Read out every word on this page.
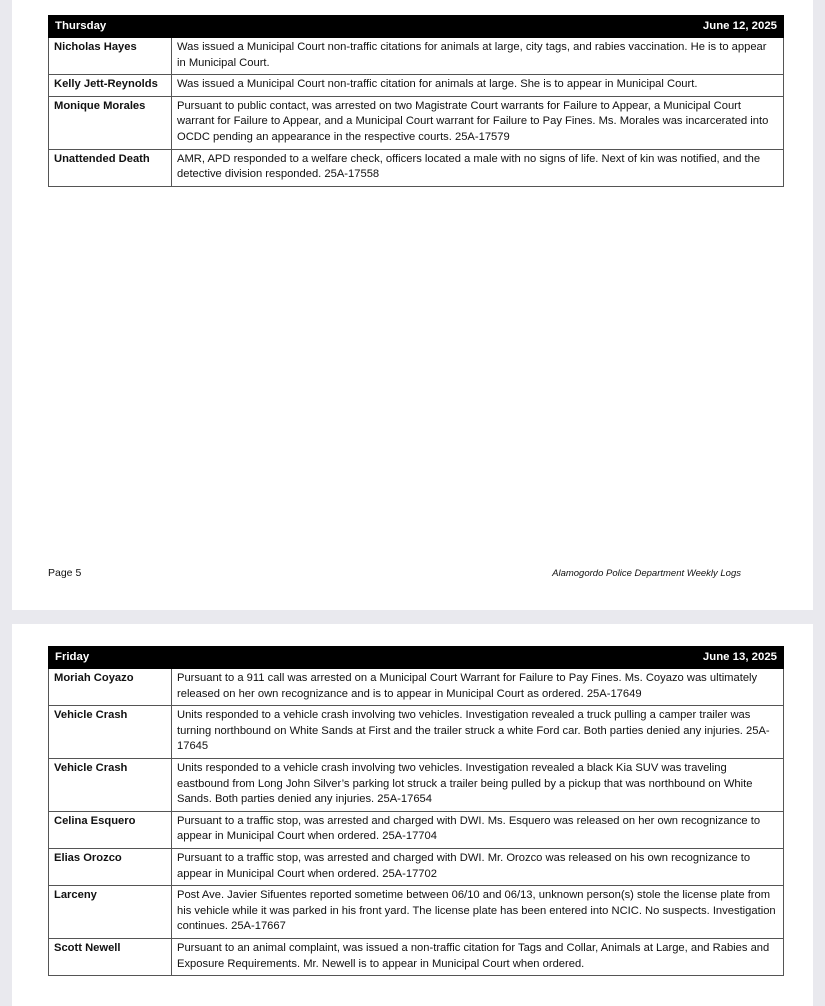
Thursday	June 12, 2025
Nicholas Hayes	Was issued a Municipal Court non-traffic citations for animals at large, city tags, and rabies vaccination. He is to appear in Municipal Court.
Kelly Jett-Reynolds	Was issued a Municipal Court non-traffic citation for animals at large. She is to appear in Municipal Court.
Monique Morales	Pursuant to public contact, was arrested on two Magistrate Court warrants for Failure to Appear, a Municipal Court warrant for Failure to Appear, and a Municipal Court warrant for Failure to Pay Fines. Ms. Morales was incarcerated into OCDC pending an appearance in the respective courts. 25A-17579
Unattended Death	AMR, APD responded to a welfare check, officers located a male with no signs of life. Next of kin was notified, and the detective division responded. 25A-17558
Page 5	Alamogordo Police Department Weekly Logs
Friday	June 13, 2025
Moriah Coyazo	Pursuant to a 911 call was arrested on a Municipal Court Warrant for Failure to Pay Fines. Ms. Coyazo was ultimately released on her own recognizance and is to appear in Municipal Court as ordered. 25A-17649
Vehicle Crash	Units responded to a vehicle crash involving two vehicles. Investigation revealed a truck pulling a camper trailer was turning northbound on White Sands at First and the trailer struck a white Ford car. Both parties denied any injuries. 25A-17645
Vehicle Crash	Units responded to a vehicle crash involving two vehicles. Investigation revealed a black Kia SUV was traveling eastbound from Long John Silver’s parking lot struck a trailer being pulled by a pickup that was northbound on White Sands. Both parties denied any injuries. 25A-17654
Celina Esquero	Pursuant to a traffic stop, was arrested and charged with DWI. Ms. Esquero was released on her own recognizance to appear in Municipal Court when ordered. 25A-17704
Elias Orozco	Pursuant to a traffic stop, was arrested and charged with DWI. Mr. Orozco was released on his own recognizance to appear in Municipal Court when ordered. 25A-17702
Larceny	Post Ave. Javier Sifuentes reported sometime between 06/10 and 06/13, unknown person(s) stole the license plate from his vehicle while it was parked in his front yard. The license plate has been entered into NCIC. No suspects. Investigation continues. 25A-17667
Scott Newell	Pursuant to an animal complaint, was issued a non-traffic citation for Tags and Collar, Animals at Large, and Rabies and Exposure Requirements. Mr. Newell is to appear in Municipal Court when ordered.
